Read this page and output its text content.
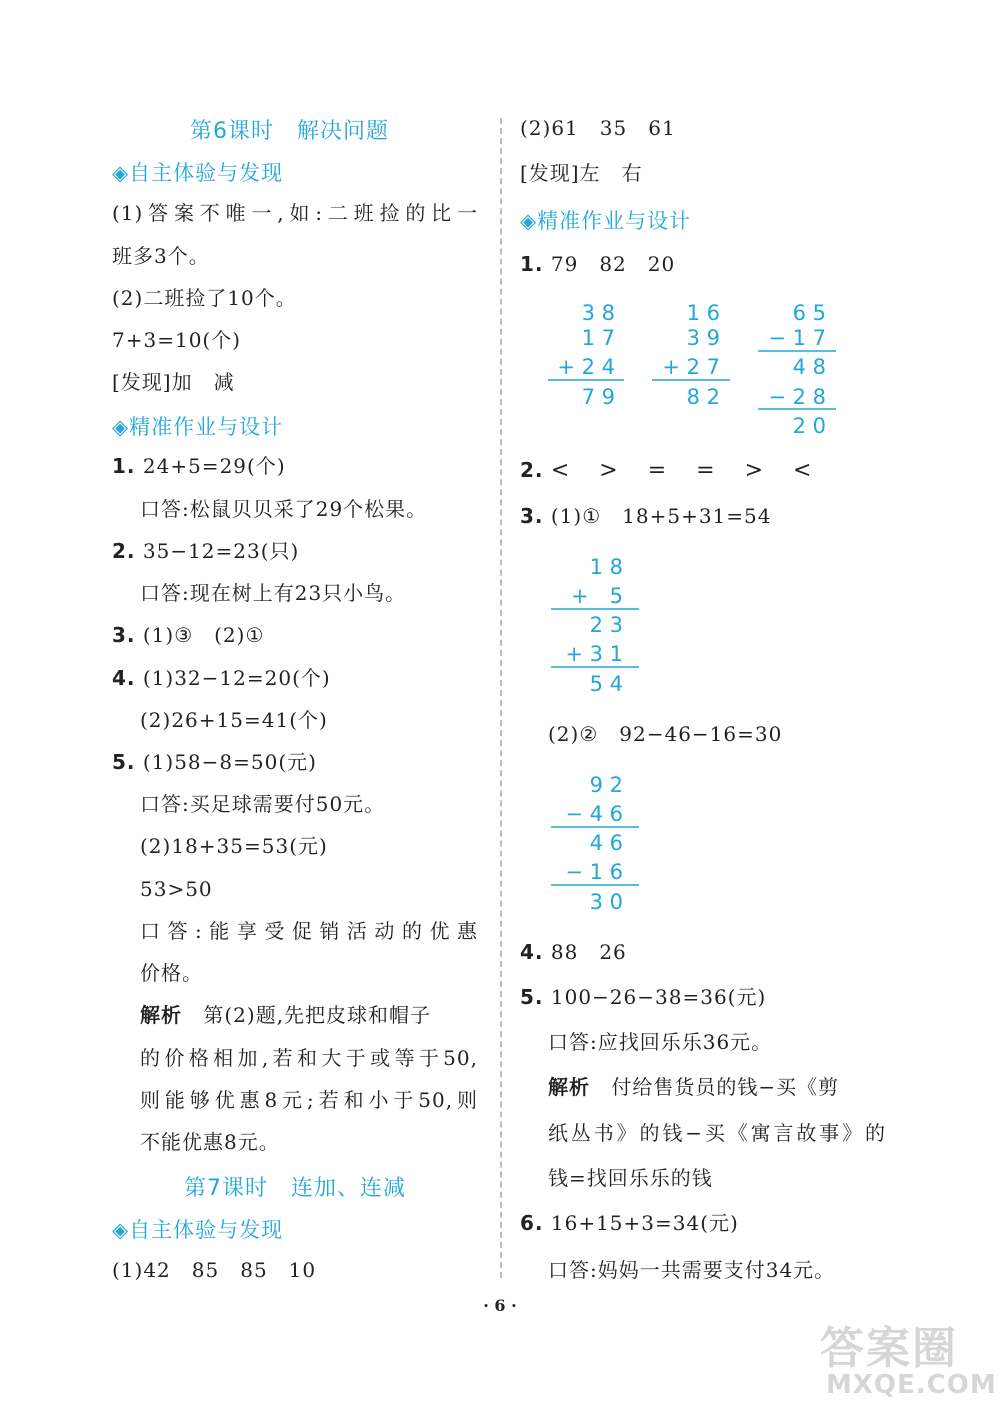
第6课时　解决问题
◈自主体验与发现
(1)答案不唯一,如:二班捡的比一
班多3个。
(2)二班捡了10个。
7+3=10(个)
[发现]加　减
◈精准作业与设计
1. 24+5=29(个)
口答:松鼠贝贝采了29个松果。
2. 35−12=23(只)
口答:现在树上有23只小鸟。
3. (1)③　(2)①
4. (1)32−12=20(个)
(2)26+15=41(个)
5. (1)58−8=50(元)
口答:买足球需要付50元。
(2)18+35=53(元)
53>50
口答:能享受促销活动的优惠
价格。
解析 第(2)题,先把皮球和帽子
的价格相加,若和大于或等于50,
则能够优惠8元;若和小于50,则
不能优惠8元。
第7课时　连加、连减
◈自主体验与发现
(1)42　85　85　10
(2)61　35　61
[发现]左　右
◈精准作业与设计
1. 79　82　20
3 8
1 7
+ 2 4
7 9
1 6
3 9
+ 2 7
8 2
6 5
− 1 7
4 8
− 2 8
2 0
2. <　>　=　=　>　<
3. (1)①　18+5+31=54
1 8
+　5
2 3
+ 3 1
5 4
(2)②　92−46−16=30
9 2
− 4 6
4 6
− 1 6
3 0
4. 88　26
5. 100−26−38=36(元)
口答:应找回乐乐36元。
解析 付给售货员的钱−买《剪
纸丛书》的钱−买《寓言故事》的
钱=找回乐乐的钱
6. 16+15+3=34(元)
口答:妈妈一共需要支付34元。
· 6 ·
答案圈
MXQE.COM
